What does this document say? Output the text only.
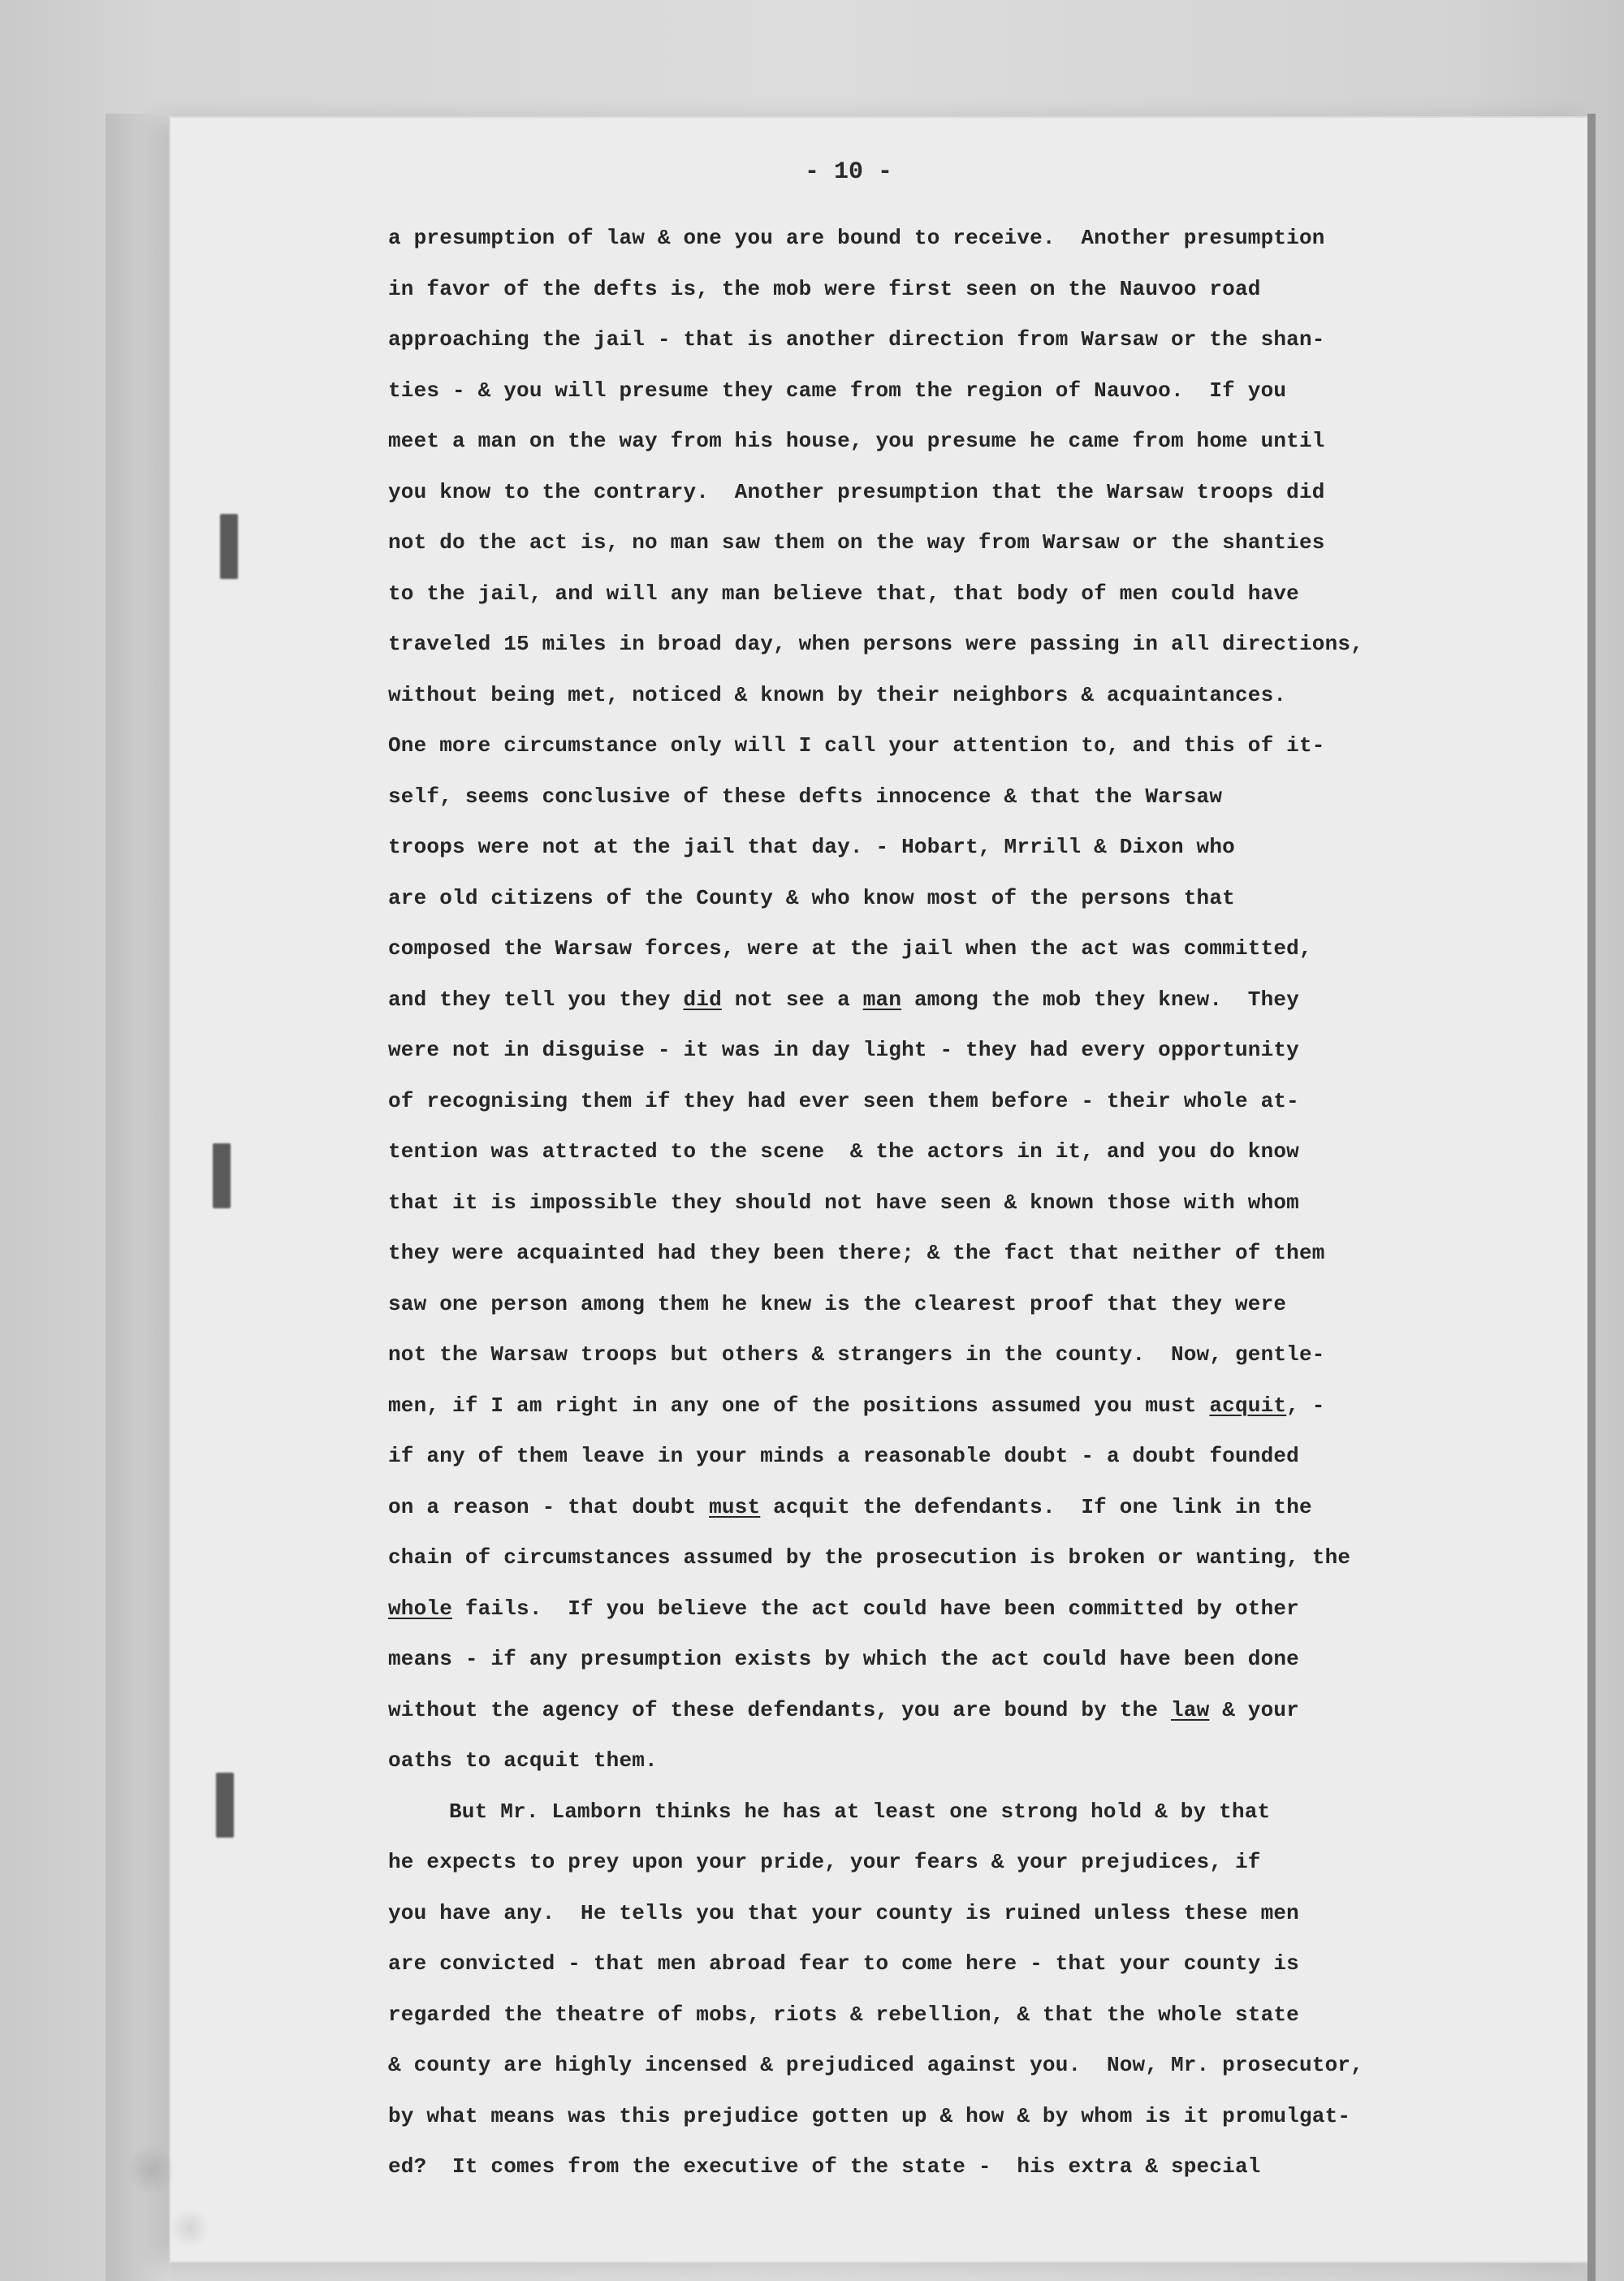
- 10 -
a presumption of law & one you are bound to receive.  Another presumption
in favor of the defts is, the mob were first seen on the Nauvoo road
approaching the jail - that is another direction from Warsaw or the shan-
ties - & you will presume they came from the region of Nauvoo.  If you
meet a man on the way from his house, you presume he came from home until
you know to the contrary.  Another presumption that the Warsaw troops did
not do the act is, no man saw them on the way from Warsaw or the shanties
to the jail, and will any man believe that, that body of men could have
traveled 15 miles in broad day, when persons were passing in all directions,
without being met, noticed & known by their neighbors & acquaintances.
One more circumstance only will I call your attention to, and this of it-
self, seems conclusive of these defts innocence & that the Warsaw
troops were not at the jail that day. - Hobart, Mrrill & Dixon who
are old citizens of the County & who know most of the persons that
composed the Warsaw forces, were at the jail when the act was committed,
and they tell you they did not see a man among the mob they knew.  They
were not in disguise - it was in day light - they had every opportunity
of recognising them if they had ever seen them before - their whole at-
tention was attracted to the scene  & the actors in it, and you do know
that it is impossible they should not have seen & known those with whom
they were acquainted had they been there; & the fact that neither of them
saw one person among them he knew is the clearest proof that they were
not the Warsaw troops but others & strangers in the county.  Now, gentle-
men, if I am right in any one of the positions assumed you must acquit, -
if any of them leave in your minds a reasonable doubt - a doubt founded
on a reason - that doubt must acquit the defendants.  If one link in the
chain of circumstances assumed by the prosecution is broken or wanting, the
whole fails.  If you believe the act could have been committed by other
means - if any presumption exists by which the act could have been done
without the agency of these defendants, you are bound by the law & your
oaths to acquit them.
But Mr. Lamborn thinks he has at least one strong hold & by that
he expects to prey upon your pride, your fears & your prejudices, if
you have any.  He tells you that your county is ruined unless these men
are convicted - that men abroad fear to come here - that your county is
regarded the theatre of mobs, riots & rebellion, & that the whole state
& county are highly incensed & prejudiced against you.  Now, Mr. prosecutor,
by what means was this prejudice gotten up & how & by whom is it promulgat-
ed?  It comes from the executive of the state -  his extra & special
